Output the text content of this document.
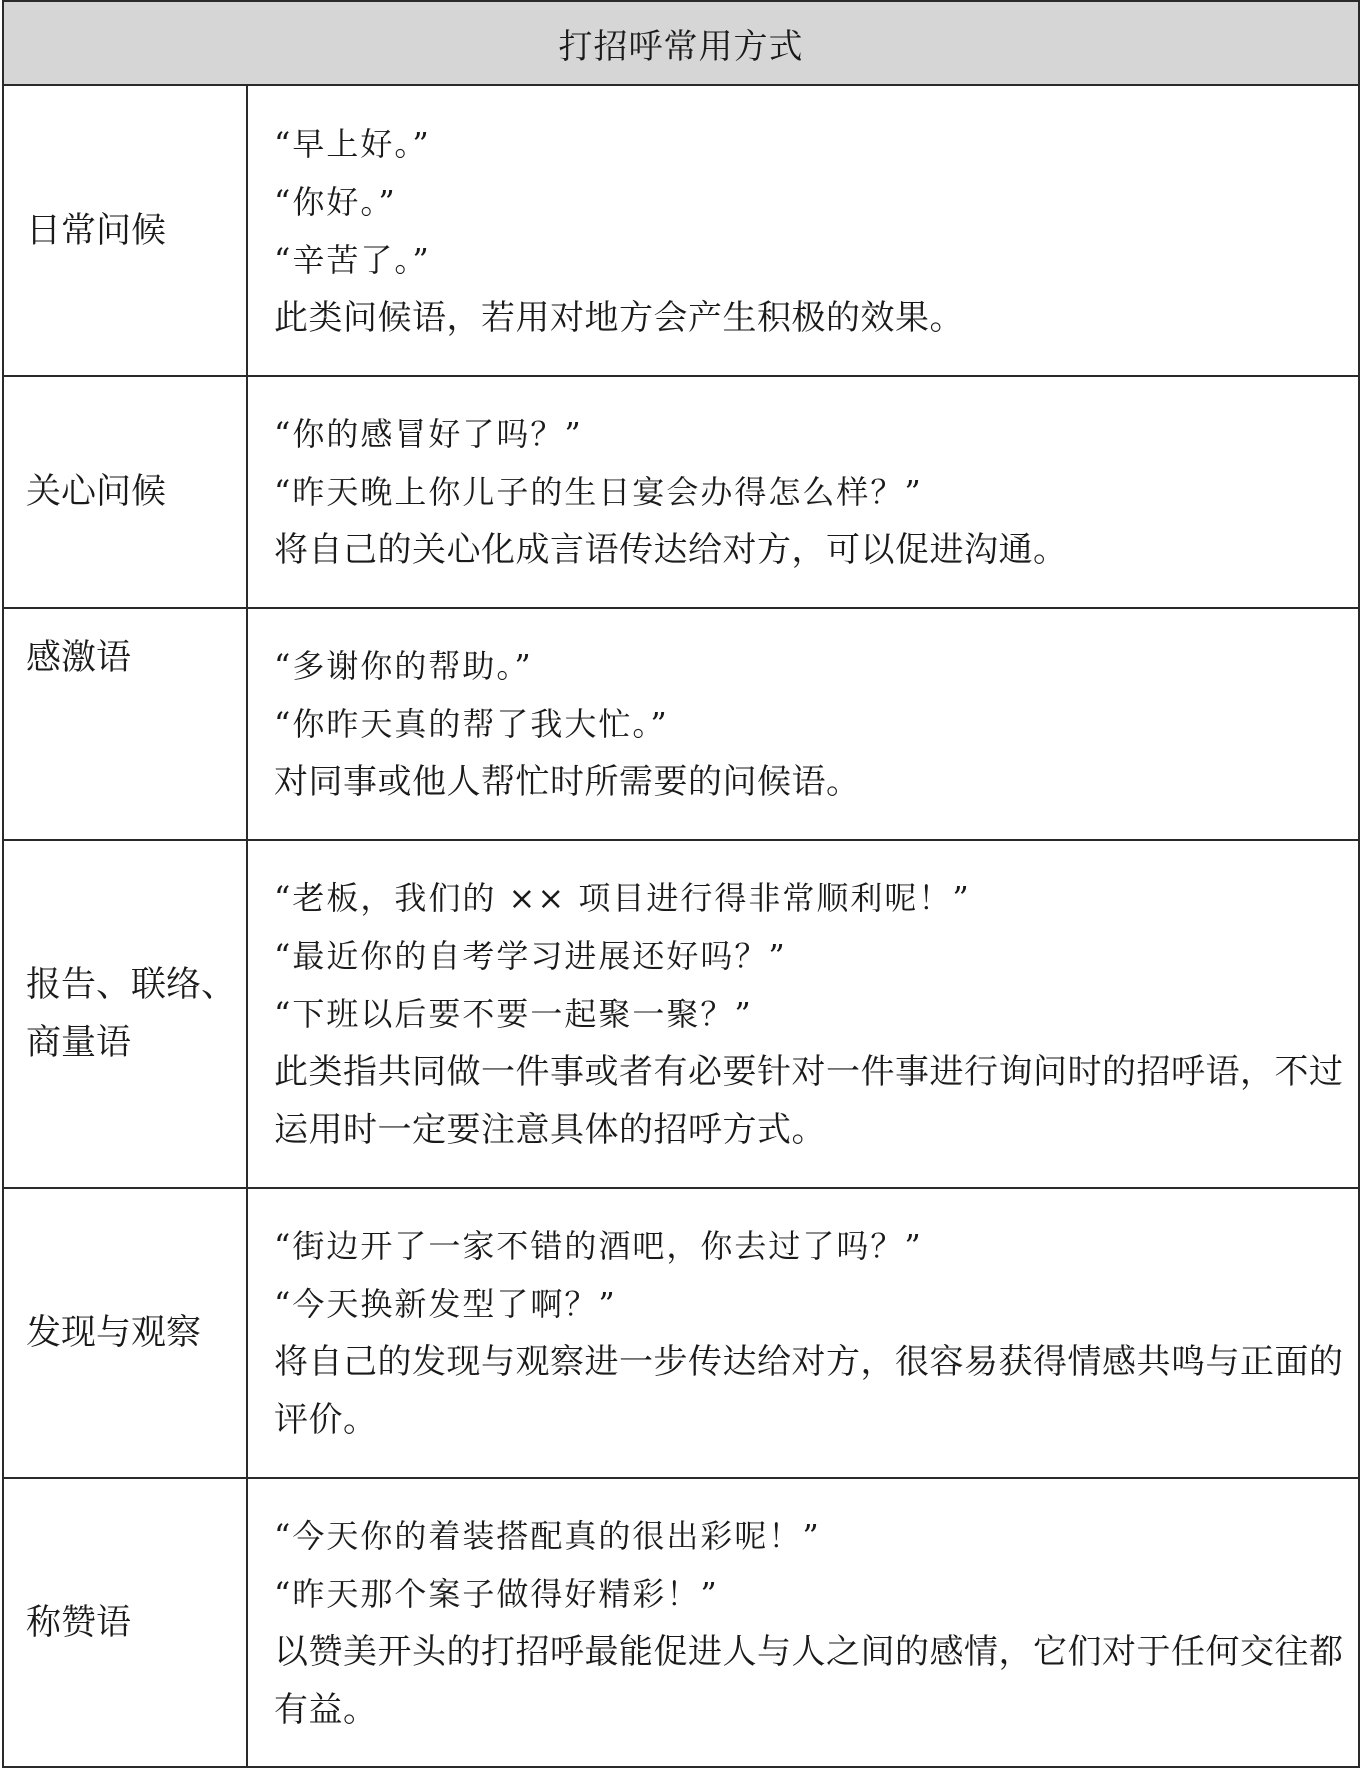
打招呼常用方式	
日常问候	“早上好。”
“你好。”
“辛苦了。”
此类问候语，若用对地方会产生积极的效果。

关心问候	“你的感冒好了吗？”
“昨天晚上你儿子的生日宴会办得怎么样？”
将自己的关心化成言语传达给对方，可以促进沟通。

感激语	“多谢你的帮助。”
“你昨天真的帮了我大忙。”
对同事或他人帮忙时所需要的问候语。

报告、联络、商量语	“老板，我们的 ×× 项目进行得非常顺利呢！”
“最近你的自考学习进展还好吗？”
“下班以后要不要一起聚一聚？”
此类指共同做一件事或者有必要针对一件事进行询问时的招呼语，不过运用时一定要注意具体的招呼方式。

发现与观察	“街边开了一家不错的酒吧，你去过了吗？”
“今天换新发型了啊？”
将自己的发现与观察进一步传达给对方，很容易获得情感共鸣与正面的评价。

称赞语	“今天你的着装搭配真的很出彩呢！”
“昨天那个案子做得好精彩！”
以赞美开头的打招呼最能促进人与人之间的感情，它们对于任何交往都有益。
